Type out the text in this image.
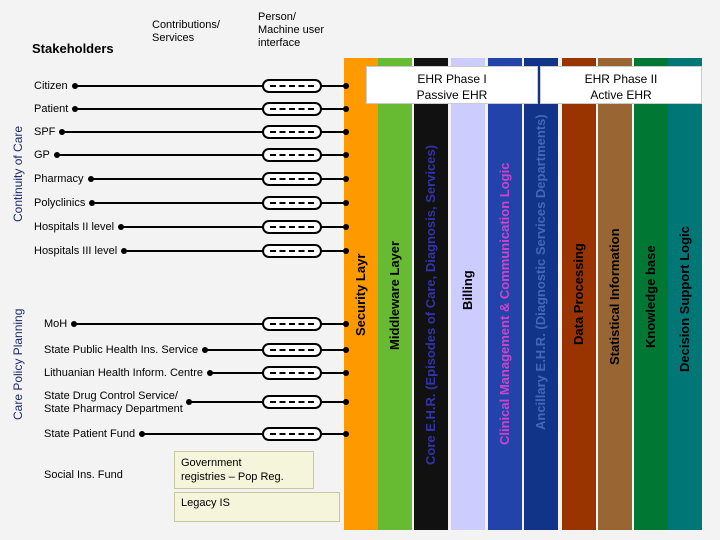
Stakeholders
Contributions/
Services
Person/
Machine user
interface
Continuity of Care
Care Policy Planning
Security Layr Middleware Layer Core E.H.R. (Episodes of Care, Diagnosis, Services) Billing Clinical Management & Communication Logic Ancillary E.H.R. (Diagnostic Services Departments) Data Processing Statistical Information Knowledge base Decision Support Logic
EHR Phase I
Passive EHR
EHR Phase II
Active EHR
Citizen
Patient
SPF
GP
Pharmacy
Polyclinics
Hospitals II level
Hospitals III level
MoH
State Public Health Ins. Service
Lithuanian Health Inform. Centre
State Drug Control Service/
State Pharmacy Department
State Patient Fund
Social Ins. Fund
Government
registries – Pop Reg.
Legacy IS
